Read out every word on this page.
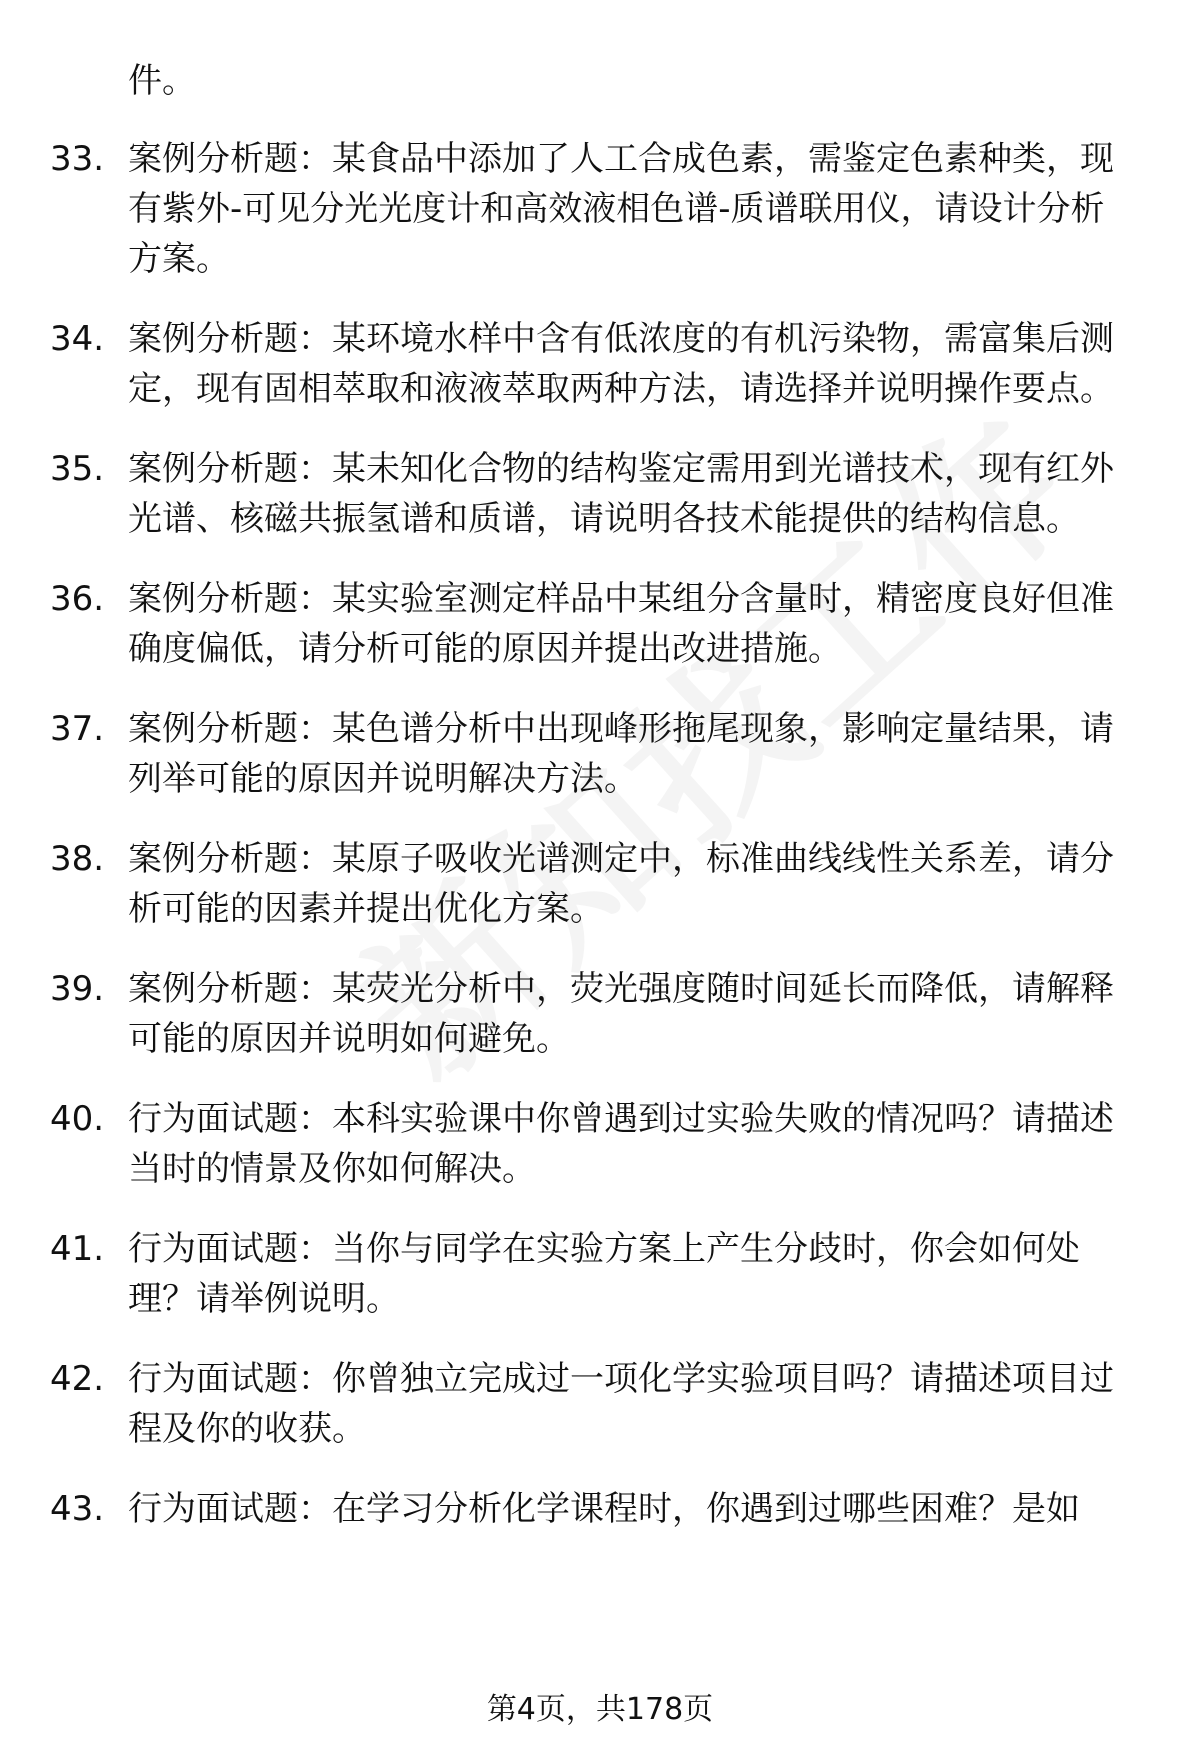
件。
33. 案例分析题：某食品中添加了人工合成色素，需鉴定色素种类，现有紫外-可见分光光度计和高效液相色谱-质谱联用仪，请设计分析方案。
34. 案例分析题：某环境水样中含有低浓度的有机污染物，需富集后测定，现有固相萃取和液液萃取两种方法，请选择并说明操作要点。
35. 案例分析题：某未知化合物的结构鉴定需用到光谱技术，现有红外光谱、核磁共振氢谱和质谱，请说明各技术能提供的结构信息。
36. 案例分析题：某实验室测定样品中某组分含量时，精密度良好但准确度偏低，请分析可能的原因并提出改进措施。
37. 案例分析题：某色谱分析中出现峰形拖尾现象，影响定量结果，请列举可能的原因并说明解决方法。
38. 案例分析题：某原子吸收光谱测定中，标准曲线线性关系差，请分析可能的因素并提出优化方案。
39. 案例分析题：某荧光分析中，荧光强度随时间延长而降低，请解释可能的原因并说明如何避免。
40. 行为面试题：本科实验课中你曾遇到过实验失败的情况吗？请描述当时的情景及你如何解决。
41. 行为面试题：当你与同学在实验方案上产生分歧时，你会如何处理？请举例说明。
42. 行为面试题：你曾独立完成过一项化学实验项目吗？请描述项目过程及你的收获。
43. 行为面试题：在学习分析化学课程时，你遇到过哪些困难？是如
第4页，共178页
